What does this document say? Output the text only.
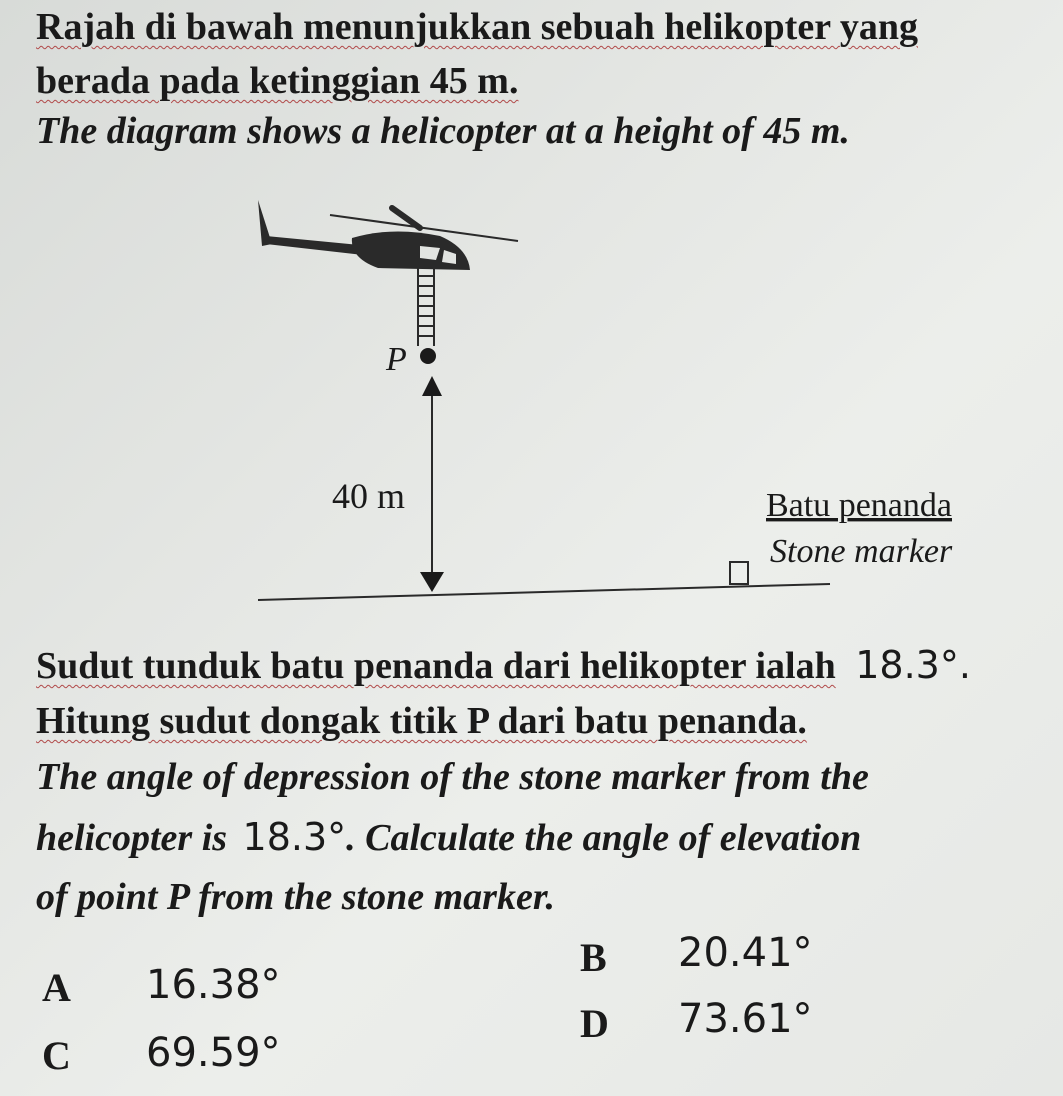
Rajah di bawah menunjukkan sebuah helikopter yang
berada pada ketinggian 45 m.
The diagram shows a helicopter at a height of 45 m.
P
40 m	Batu penanda
Stone marker
Sudut tunduk batu penanda dari helikopter ialah 18.3°.
Hitung sudut dongak titik P dari batu penanda.
The angle of depression of the stone marker from the
helicopter is 18.3°. Calculate the angle of elevation
of point P from the stone marker.
A 16.38°
B 20.41°
C 69.59°
D 73.61°
